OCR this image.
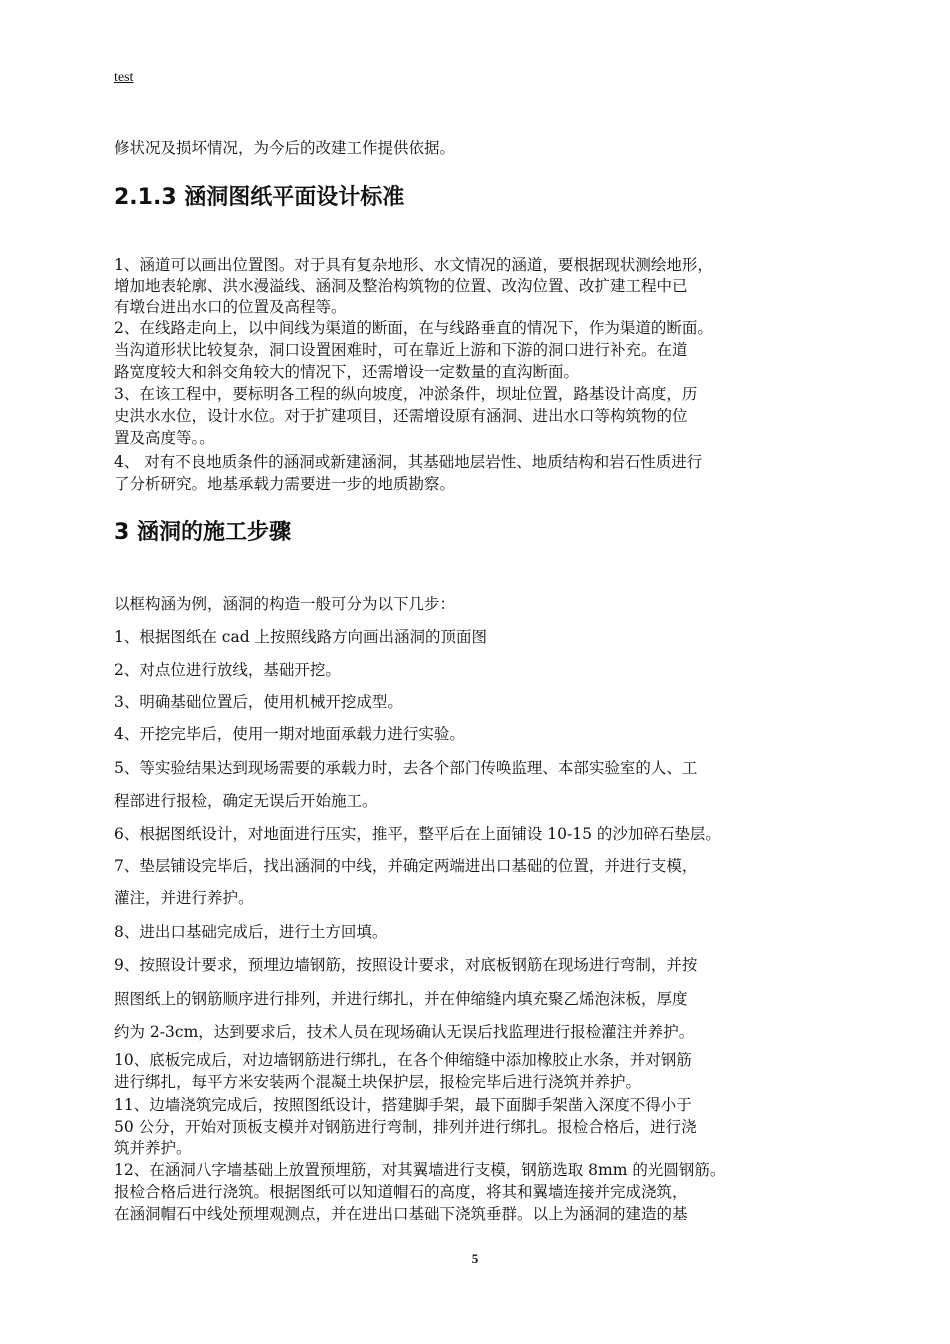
test

修状况及损坏情况，为今后的改建工作提供依据。

2.1.3 涵洞图纸平面设计标准

1、涵道可以画出位置图。对于具有复杂地形、水文情况的涵道，要根据现状测绘地形，

增加地表轮廓、洪水漫溢线、涵洞及整治构筑物的位置、改沟位置、改扩建工程中已

有墩台进出水口的位置及高程等。

2、在线路走向上，以中间线为渠道的断面，在与线路垂直的情况下，作为渠道的断面。

当沟道形状比较复杂，洞口设置困难时，可在靠近上游和下游的洞口进行补充。在道

路宽度较大和斜交角较大的情况下，还需增设一定数量的直沟断面。

3、在该工程中，要标明各工程的纵向坡度，冲淤条件，坝址位置，路基设计高度，历

史洪水水位，设计水位。对于扩建项目，还需增设原有涵洞、进出水口等构筑物的位

置及高度等。。

4、 对有不良地质条件的涵洞或新建涵洞，其基础地层岩性、地质结构和岩石性质进行

了分析研究。地基承载力需要进一步的地质勘察。

3 涵洞的施工步骤

以框构涵为例，涵洞的构造一般可分为以下几步：

1、根据图纸在 cad 上按照线路方向画出涵洞的顶面图

2、对点位进行放线，基础开挖。

3、明确基础位置后，使用机械开挖成型。

4、开挖完毕后，使用一期对地面承载力进行实验。

5、等实验结果达到现场需要的承载力时，去各个部门传唤监理、本部实验室的人、工

程部进行报检，确定无误后开始施工。

6、根据图纸设计，对地面进行压实，推平，整平后在上面铺设 10-15 的沙加碎石垫层。

7、垫层铺设完毕后，找出涵洞的中线，并确定两端进出口基础的位置，并进行支模，

灌注，并进行养护。

8、进出口基础完成后，进行土方回填。

9、按照设计要求，预埋边墙钢筋，按照设计要求，对底板钢筋在现场进行弯制，并按

照图纸上的钢筋顺序进行排列，并进行绑扎，并在伸缩缝内填充聚乙烯泡沫板，厚度

约为 2-3cm，达到要求后，技术人员在现场确认无误后找监理进行报检灌注并养护。

10、底板完成后，对边墙钢筋进行绑扎，在各个伸缩缝中添加橡胶止水条，并对钢筋

进行绑扎，每平方米安装两个混凝土块保护层，报检完毕后进行浇筑并养护。

11、边墙浇筑完成后，按照图纸设计，搭建脚手架，最下面脚手架凿入深度不得小于

50 公分，开始对顶板支模并对钢筋进行弯制，排列并进行绑扎。报检合格后，进行浇

筑并养护。

12、在涵洞八字墙基础上放置预埋筋，对其翼墙进行支模，钢筋选取 8mm 的光圆钢筋。

报检合格后进行浇筑。根据图纸可以知道帽石的高度，将其和翼墙连接并完成浇筑，

在涵洞帽石中线处预埋观测点，并在进出口基础下浇筑垂群。以上为涵洞的建造的基

5
